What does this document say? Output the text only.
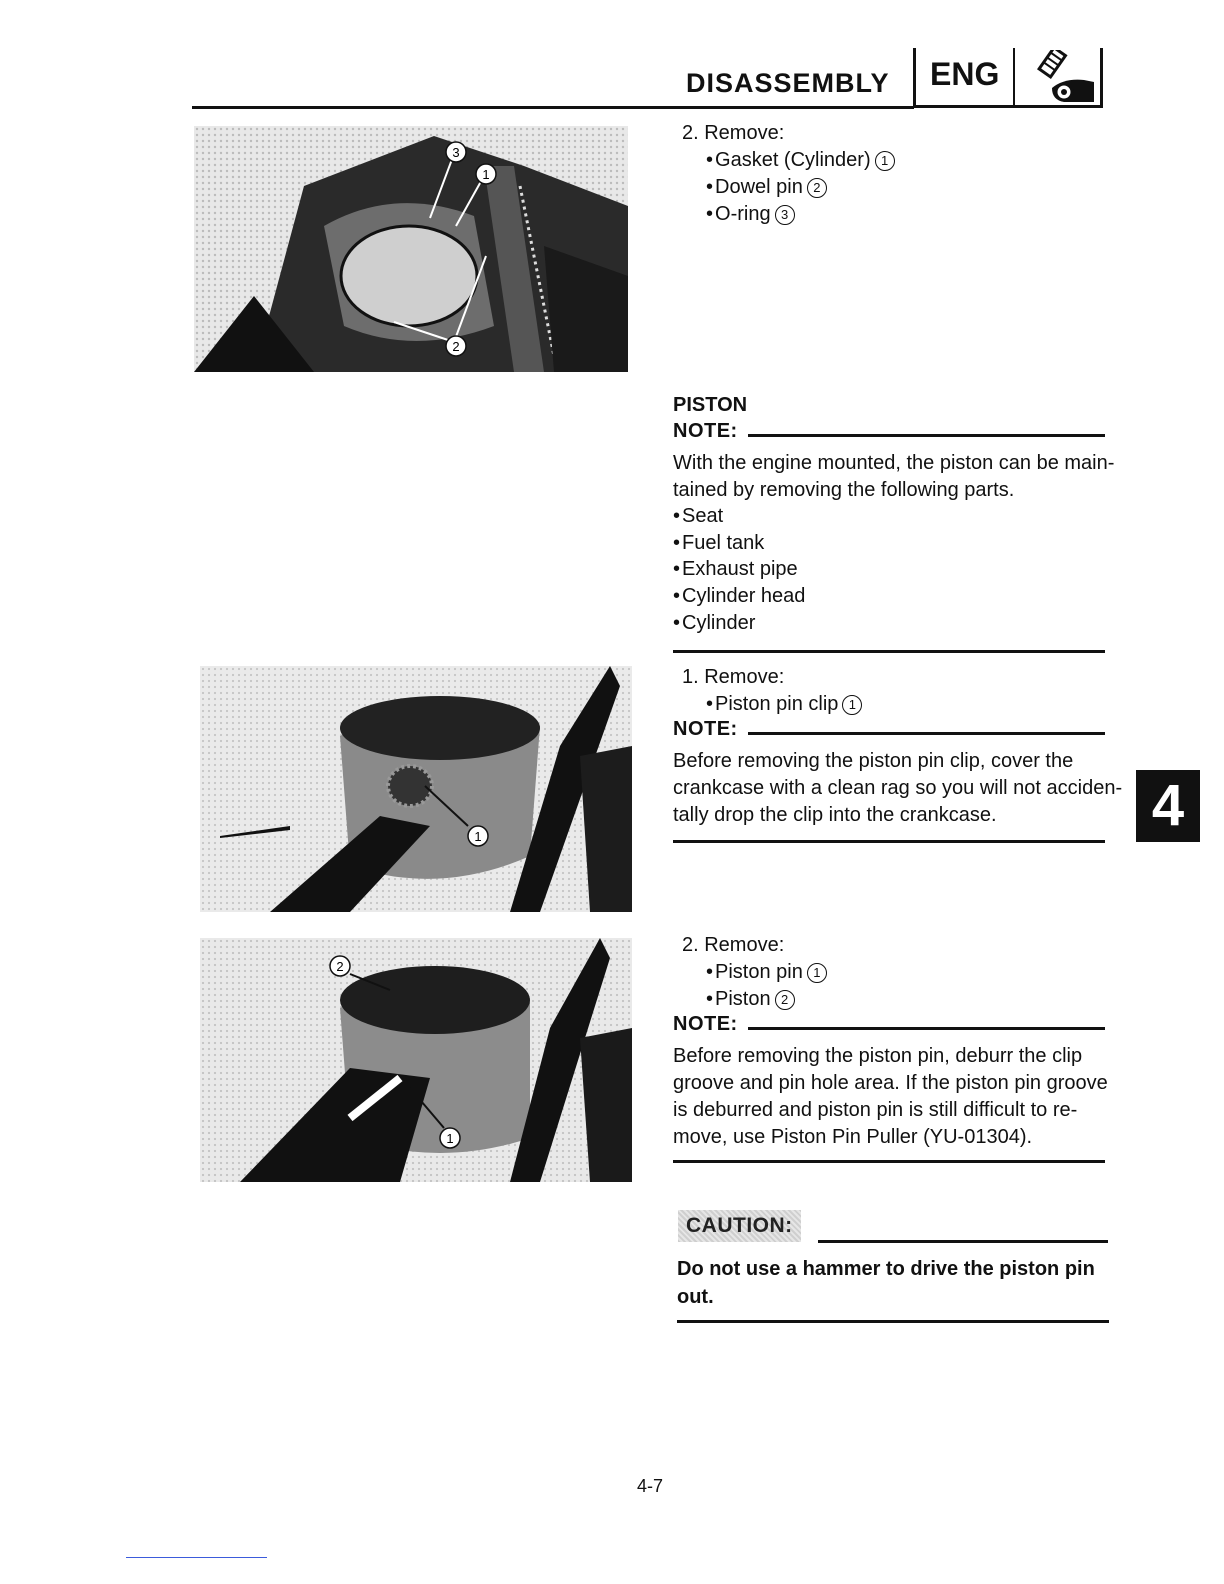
DISASSEMBLY ENG
3
1
2
2. Remove:
• Gasket (Cylinder) 1
• Dowel pin 2
• O-ring 3
PISTON
NOTE:
With the engine mounted, the piston can be main-
tained by removing the following parts.
• Seat
• Fuel tank
• Exhaust pipe
• Cylinder head
• Cylinder
1
1. Remove:
• Piston pin clip 1
NOTE:
Before removing the piston pin clip, cover the
crankcase with a clean rag so you will not acciden-
tally drop the clip into the crankcase.
2
1
2. Remove:
• Piston pin 1
• Piston 2
NOTE:
Before removing the piston pin, deburr the clip
groove and pin hole area. If the piston pin groove
is deburred and piston pin is still difficult to re-
move, use Piston Pin Puller (YU-01304).
CAUTION:
Do not use a hammer to drive the piston pin
out.
4
4-7
